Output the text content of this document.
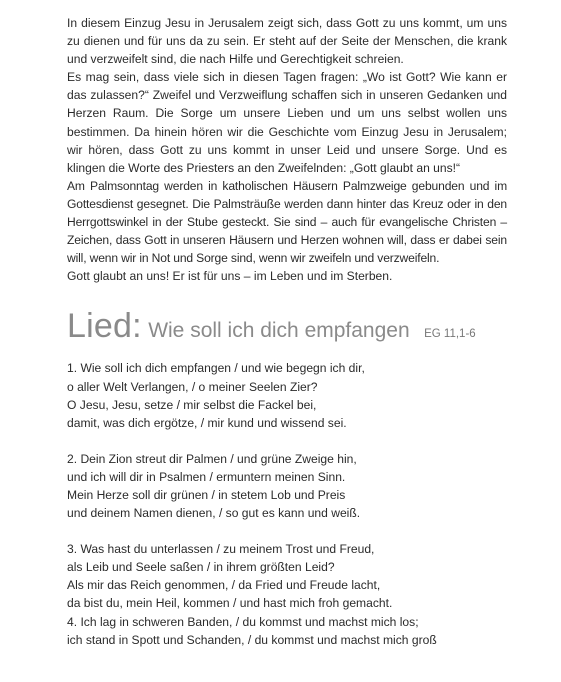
In diesem Einzug Jesu in Jerusalem zeigt sich, dass Gott zu uns kommt, um uns zu dienen und für uns da zu sein. Er steht auf der Seite der Menschen, die krank und verzweifelt sind, die nach Hilfe und Gerechtigkeit schreien.

Es mag sein, dass viele sich in diesen Tagen fragen: „Wo ist Gott? Wie kann er das zulassen?“ Zweifel und Verzweiflung schaffen sich in unseren Gedanken und Herzen Raum. Die Sorge um unsere Lieben und um uns selbst wollen uns bestimmen. Da hinein hören wir die Geschichte vom Einzug Jesu in Jerusalem; wir hören, dass Gott zu uns kommt in unser Leid und unsere Sorge. Und es klingen die Worte des Priesters an den Zweifelnden: „Gott glaubt an uns!“

Am Palmsonntag werden in katholischen Häusern Palmzweige gebunden und im Gottesdienst gesegnet. Die Palmsträuße werden dann hinter das Kreuz oder in den Herrgottswinkel in der Stube gesteckt. Sie sind – auch für evangelische Christen – Zeichen, dass Gott in unseren Häusern und Herzen wohnen will, dass er dabei sein will, wenn wir in Not und Sorge sind, wenn wir zweifeln und verzweifeln.

Gott glaubt an uns! Er ist für uns – im Leben und im Sterben.

Lied: Wie soll ich dich empfangen EG 11,1-6
1. Wie soll ich dich empfangen / und wie begegn ich dir,
o aller Welt Verlangen, / o meiner Seelen Zier?
O Jesu, Jesu, setze / mir selbst die Fackel bei,
damit, was dich ergötze, / mir kund und wissend sei.
2. Dein Zion streut dir Palmen / und grüne Zweige hin,
und ich will dir in Psalmen / ermuntern meinen Sinn.
Mein Herze soll dir grünen / in stetem Lob und Preis
und deinem Namen dienen, / so gut es kann und weiß.
3. Was hast du unterlassen / zu meinem Trost und Freud,
als Leib und Seele saßen / in ihrem größten Leid?
Als mir das Reich genommen, / da Fried und Freude lacht,
da bist du, mein Heil, kommen / und hast mich froh gemacht.
4. Ich lag in schweren Banden, / du kommst und machst mich los;
ich stand in Spott und Schanden, / du kommst und machst mich groß
